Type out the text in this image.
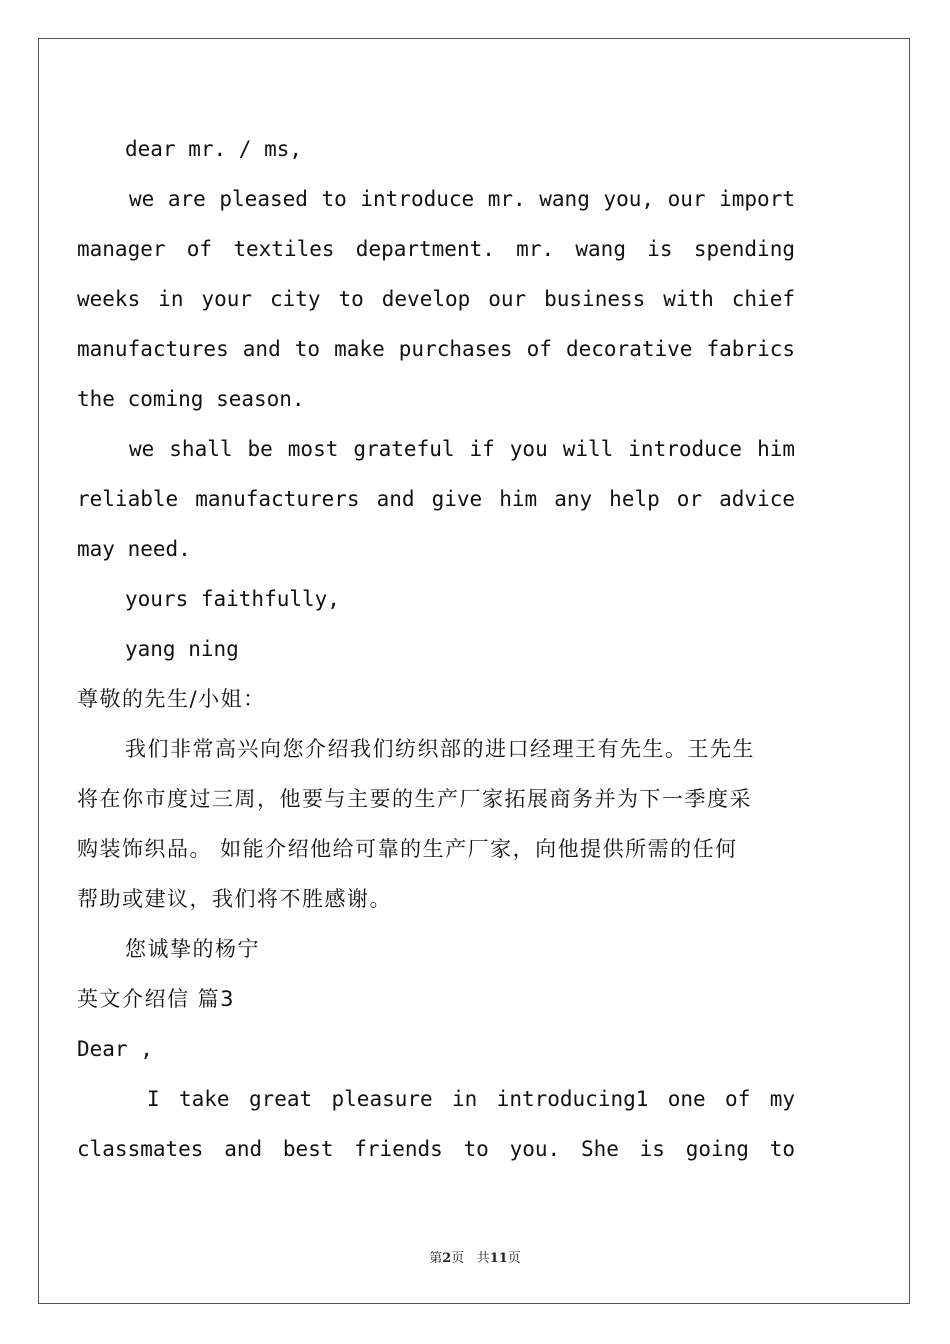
dear mr. / ms,
we are pleased to introduce mr. wang you, our import
manager of textiles department. mr. wang is spending
weeks in your city to develop our business with chief
manufactures and to make purchases of decorative fabrics
the coming season.
we shall be most grateful if you will introduce him
reliable manufacturers and give him any help or advice
may need.
yours faithfully,
yang ning
尊敬的先生/小姐：
我们非常高兴向您介绍我们纺织部的进口经理王有先生。王先生
将在你市度过三周，他要与主要的生产厂家拓展商务并为下一季度采
购装饰织品。 如能介绍他给可靠的生产厂家，向他提供所需的任何
帮助或建议，我们将不胜感谢。
您诚挚的杨宁
英文介绍信 篇3
Dear ,
I take great pleasure in introducing1 one of my
classmates and best friends to you. She is going to
第2页 共11页
